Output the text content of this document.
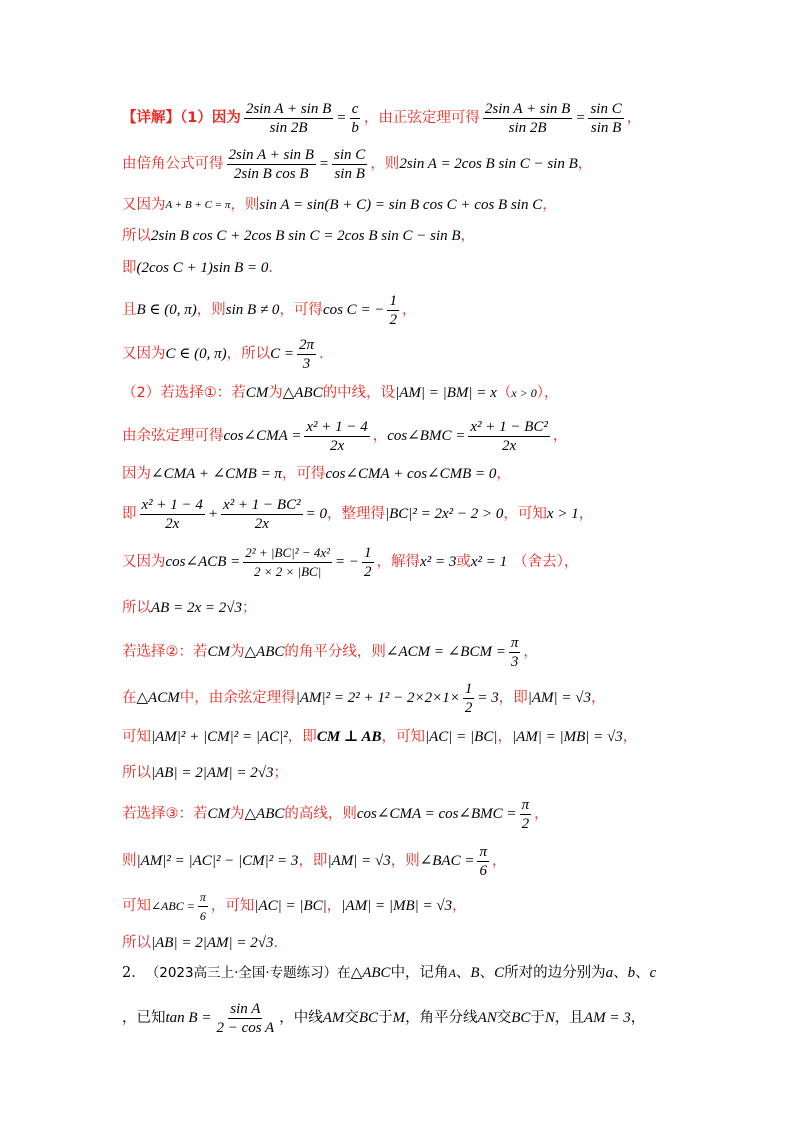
【详解】（1）因为 $\frac{\text{2sin A + sin B}}{\sin 2B} = \frac{c}{b}$ ，由正弦定理可得 $\frac{\text{2sin A + sin B}}{\sin 2B} = \frac{\text{sin C}}{\text{sin B}}$ ，
由倍角公式可得 $\frac{\text{2sin A + sin B}}{\text{2sin B cos B}} = \frac{\text{sin C}}{\text{sin B}}$ ，则 2sin A = 2cos B sin C − sin B ，
又因为 A + B + C = π ，则 sin A = sin(B + C) = sin B cos C + cos B sin C ，
所以 2sin B cos C + 2cos B sin C = 2cos B sin C − sin B ，
即 (2cos C + 1)sin B = 0 .
且 B ∈ (0, π) ，则 sin B ≠ 0 ，可得 cos C = − $\frac{1}{2}$ ，
又因为 C ∈ (0, π) ，所以 $C = \frac{2\pi}{3}$ .
（2）若选择①：若 CM 为 △ABC 的中线，设 |AM| = |BM| = x （ x > 0 ），
由余弦定理可得 cos∠CMA = $\frac{\text{x² + 1 − 4}}{2x}$ ， cos∠BMC = $\frac{\text{x² + 1 − BC²}}{2x}$ ，
因为 ∠CMA + ∠CMB = π ，可得 cos∠CMA + cos∠CMB = 0 ，
即 $\frac{\text{x² + 1 − 4}}{2x} + \frac{\text{x² + 1 − BC²}}{2x} = 0$ ，整理得 |BC|² = 2x² − 2 > 0 ，可知 x > 1 ，
又因为 cos∠ACB = $\frac{\text{2² + |BC|² − 4x²}}{2 \times 2 \times |BC|}$ = − $\frac{1}{2}$ ，解得 x² = 3 或 x² = 1 （舍去），
所以 AB = 2x = 2√3 ；
若选择②：若 CM 为 △ABC 的角平分线，则 ∠ACM = ∠BCM = $\frac{\pi}{3}$ ，
在 △ACM 中，由余弦定理得 $|AM|^2 = 2^2 + 1^2 - 2\times 2\times 1\times \frac{1}{2} = 3$ ，即 |AM| = √3 ，
可知 |AM|² + |CM|² = |AC|² ，即 CM ⊥ AB ，可知 |AC| = |BC| ， |AM| = |MB| = √3 ，
所以 |AB| = 2|AM| = 2√3 ；
若选择③：若 CM 为 △ABC 的高线，则 cos∠CMA = cos∠BMC = $\frac{\pi}{2}$ ，
则 |AM|² = |AC|² − |CM|² = 3 ，即 |AM| = √3 ，则 ∠BAC = $\frac{\pi}{6}$ ，
可知 ∠ABC = $\frac{\pi}{6}$ ，可知 |AC| = |BC| ， |AM| = |MB| = √3 ，
所以 |AB| = 2|AM| = 2√3 .
2． （2023高三上·全国·专题练习）在 △ABC 中，记角 A 、 B 、 C 所对的边分别为 a 、 b 、 c
，已知 $\tan B = \frac{\text{sin A}}{\text{2 − cos A}}$ ，中线 AM 交 BC 于 M ，角平分线 AN 交 BC 于 N ，且 AM = 3 ，
